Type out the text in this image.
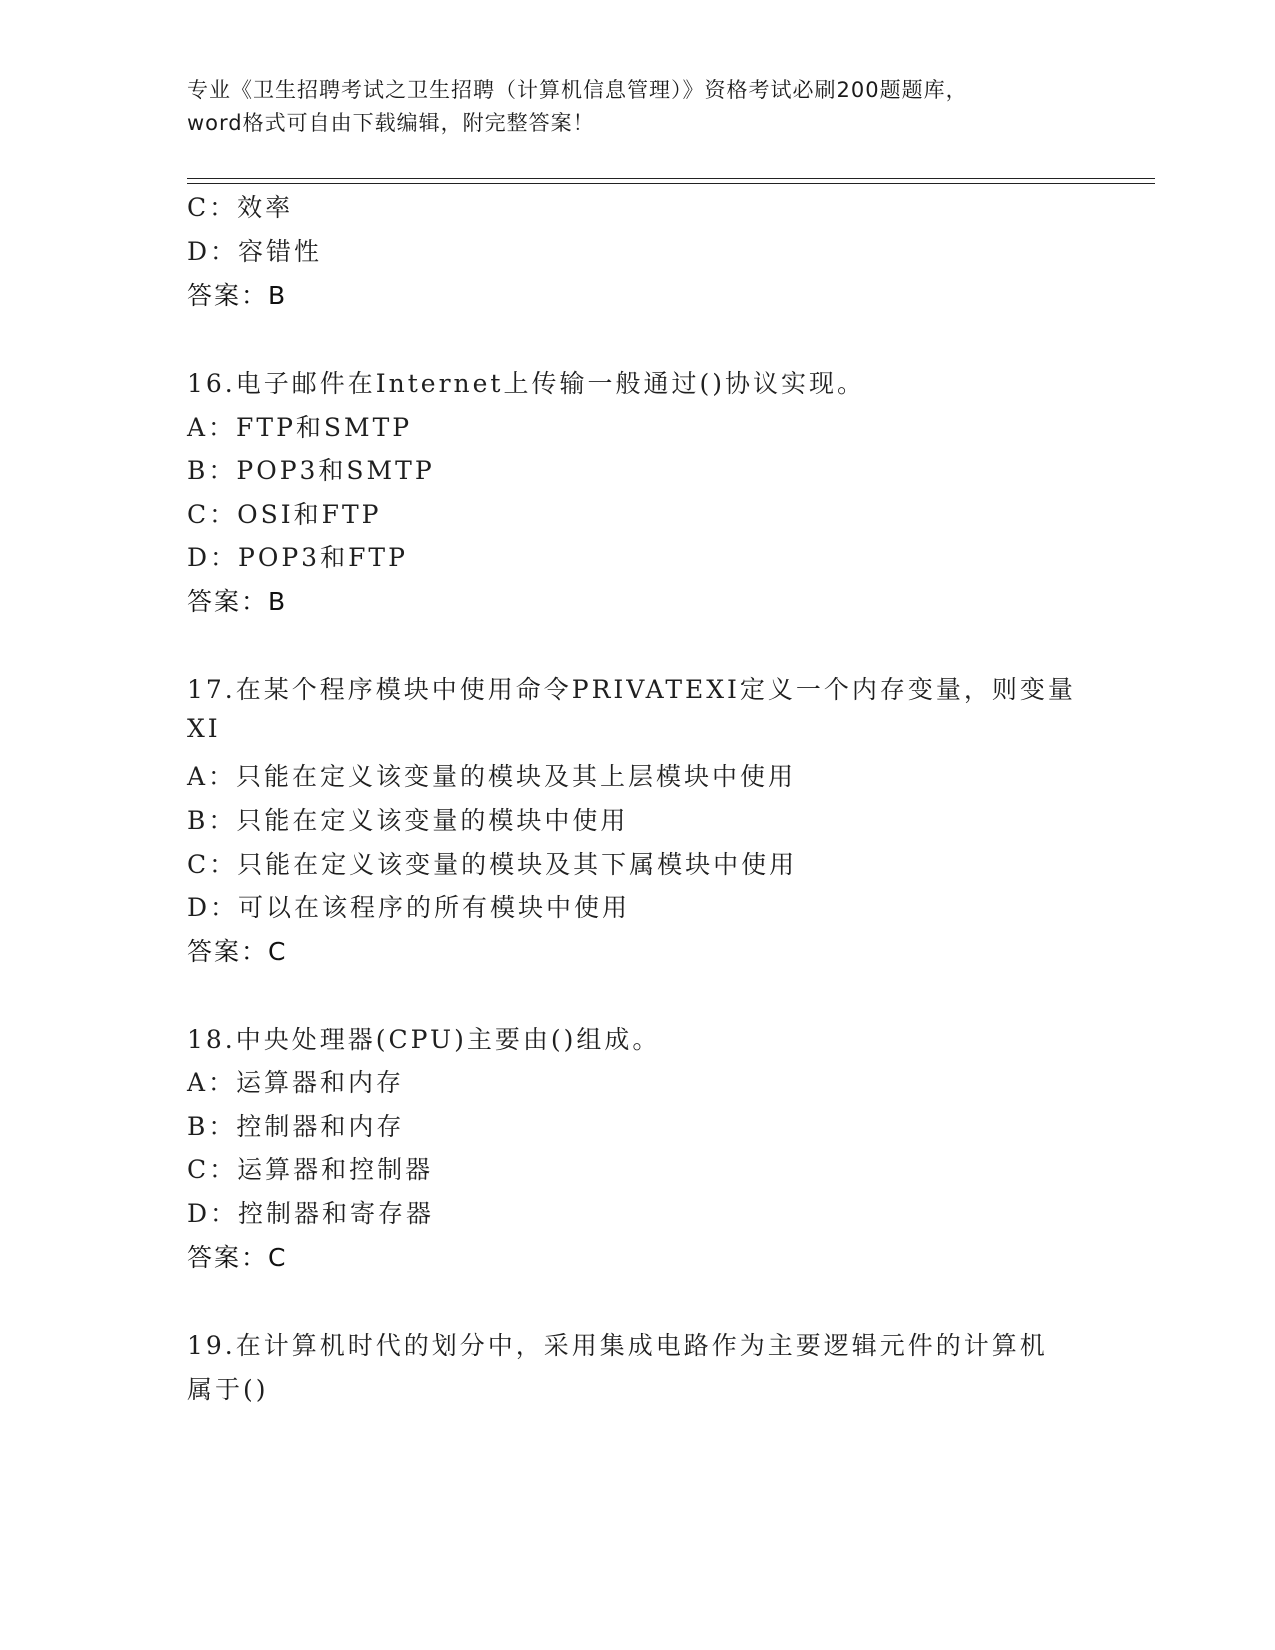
专业《卫生招聘考试之卫生招聘（计算机信息管理）》资格考试必刷200题题库，
word格式可自由下载编辑，附完整答案！
C：效率
D：容错性
答案：B
16.电子邮件在Internet上传输一般通过()协议实现。
A：FTP和SMTP
B：POP3和SMTP
C：OSI和FTP
D：POP3和FTP
答案：B
17.在某个程序模块中使用命令PRIVATEXI定义一个内存变量，则变量
XI
A：只能在定义该变量的模块及其上层模块中使用
B：只能在定义该变量的模块中使用
C：只能在定义该变量的模块及其下属模块中使用
D：可以在该程序的所有模块中使用
答案：C
18.中央处理器(CPU)主要由()组成。
A：运算器和内存
B：控制器和内存
C：运算器和控制器
D：控制器和寄存器
答案：C
19.在计算机时代的划分中，采用集成电路作为主要逻辑元件的计算机
属于()
